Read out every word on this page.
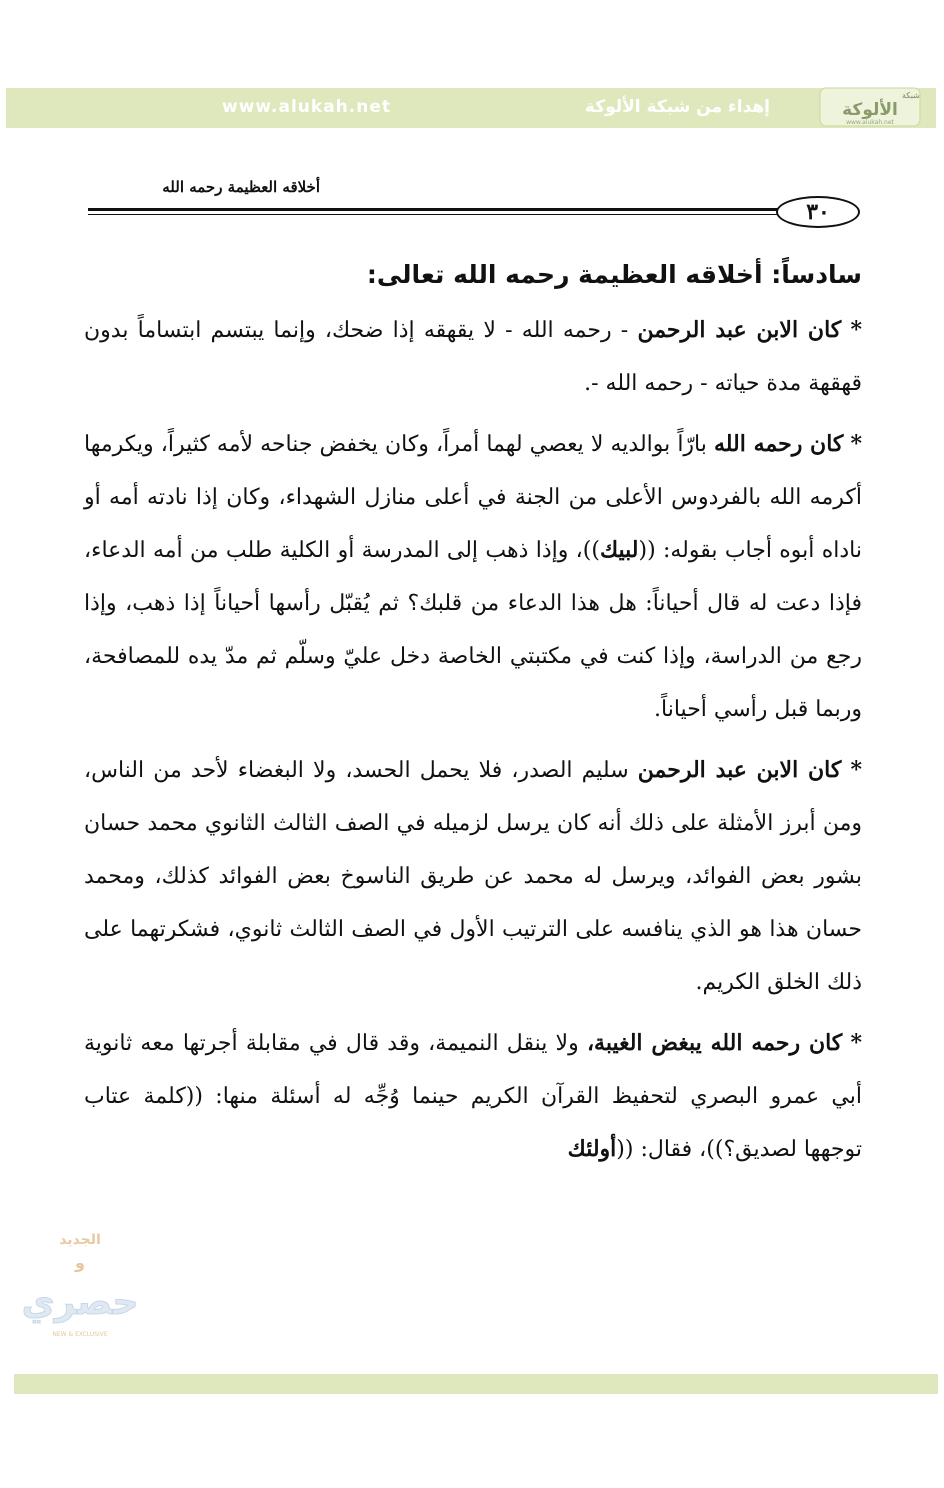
www.alukah.net	إهداء من شبكة الألوكة
شبكة
الألوكة
www.alukah.net
أخلاقه العظيمة رحمه الله
٣٠
سادساً: أخلاقه العظيمة رحمه الله تعالى:

* كان الابن عبد الرحمن - رحمه الله - لا يقهقه إذا ضحك، وإنما يبتسم ابتساماً بدون قهقهة مدة حياته - رحمه الله -.

* كان رحمه الله بارّاً بوالديه لا يعصي لهما أمراً، وكان يخفض جناحه لأمه كثيراً، ويكرمها أكرمه الله بالفردوس الأعلى من الجنة في أعلى منازل الشهداء، وكان إذا نادته أمه أو ناداه أبوه أجاب بقوله: ((لبيك))، وإذا ذهب إلى المدرسة أو الكلية طلب من أمه الدعاء، فإذا دعت له قال أحياناً: هل هذا الدعاء من قلبك؟ ثم يُقبّل رأسها أحياناً إذا ذهب، وإذا رجع من الدراسة، وإذا كنت في مكتبتي الخاصة دخل عليّ وسلّم ثم مدّ يده للمصافحة، وربما قبل رأسي أحياناً.

* كان الابن عبد الرحمن سليم الصدر، فلا يحمل الحسد، ولا البغضاء لأحد من الناس، ومن أبرز الأمثلة على ذلك أنه كان يرسل لزميله في الصف الثالث الثانوي محمد حسان بشور بعض الفوائد، ويرسل له محمد عن طريق الناسوخ بعض الفوائد كذلك، ومحمد حسان هذا هو الذي ينافسه على الترتيب الأول في الصف الثالث ثانوي، فشكرتهما على ذلك الخلق الكريم.

* كان رحمه الله يبغض الغيبة، ولا ينقل النميمة، وقد قال في مقابلة أجرتها معه ثانوية أبي عمرو البصري لتحفيظ القرآن الكريم حينما وُجِّه له أسئلة منها: ((كلمة عتاب توجهها لصديق؟))، فقال: ((أولئك

الجديد
و
حصري
NEW & EXCLUSIVE
